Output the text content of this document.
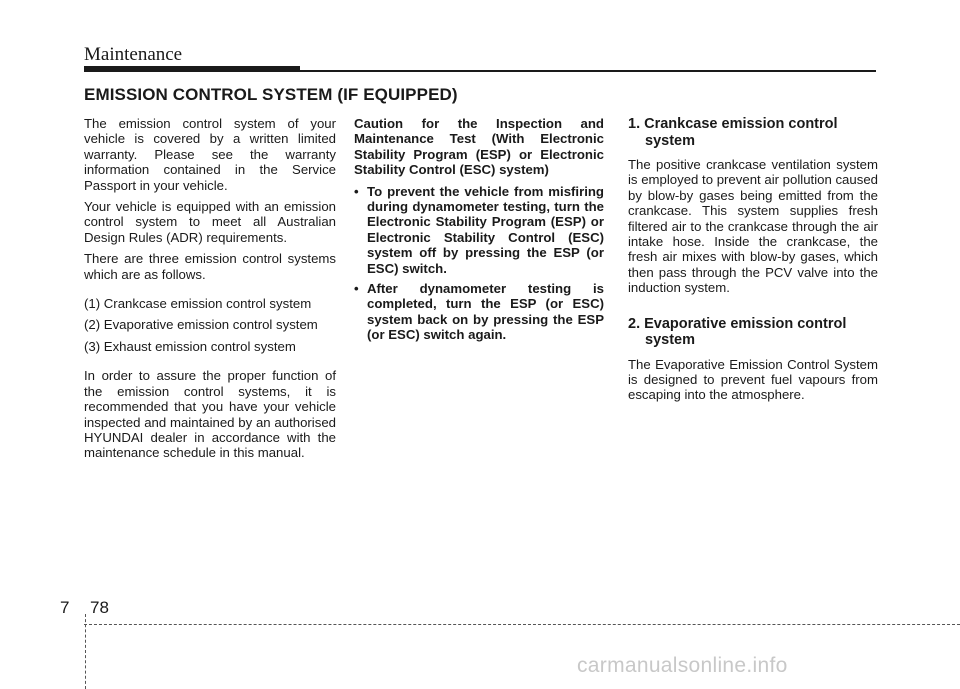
Maintenance
EMISSION CONTROL SYSTEM (IF EQUIPPED)

The emission control system of your vehicle is covered by a written limited warranty. Please see the warranty information contained in the Service Passport in your vehicle.

Your vehicle is equipped with an emission control system to meet all Australian Design Rules (ADR) requirements.

There are three emission control systems which are as follows.

(1) Crankcase emission control system

(2) Evaporative emission control system

(3) Exhaust emission control system

In order to assure the proper function of the emission control systems, it is recommended that you have your vehicle inspected and maintained by an authorised HYUNDAI dealer in accordance with the maintenance schedule in this manual.

Caution for the Inspection and Maintenance Test (With Electronic Stability Program (ESP) or Electronic Stability Control (ESC) system)

• To prevent the vehicle from misfiring during dynamometer testing, turn the Electronic Stability Program (ESP) or Electronic Stability Control (ESC) system off by pressing the ESP (or ESC) switch.
• After dynamometer testing is completed, turn the ESP (or ESC) system back on by pressing the ESP (or ESC) switch again.
1. Crankcase emission control system

The positive crankcase ventilation system is employed to prevent air pollution caused by blow-by gases being emitted from the crankcase. This system supplies fresh filtered air to the crankcase through the air intake hose. Inside the crankcase, the fresh air mixes with blow-by gases, which then pass through the PCV valve into the induction system.

2. Evaporative emission control system

The Evaporative Emission Control System is designed to prevent fuel vapours from escaping into the atmosphere.

7 78
carmanualsonline.info
